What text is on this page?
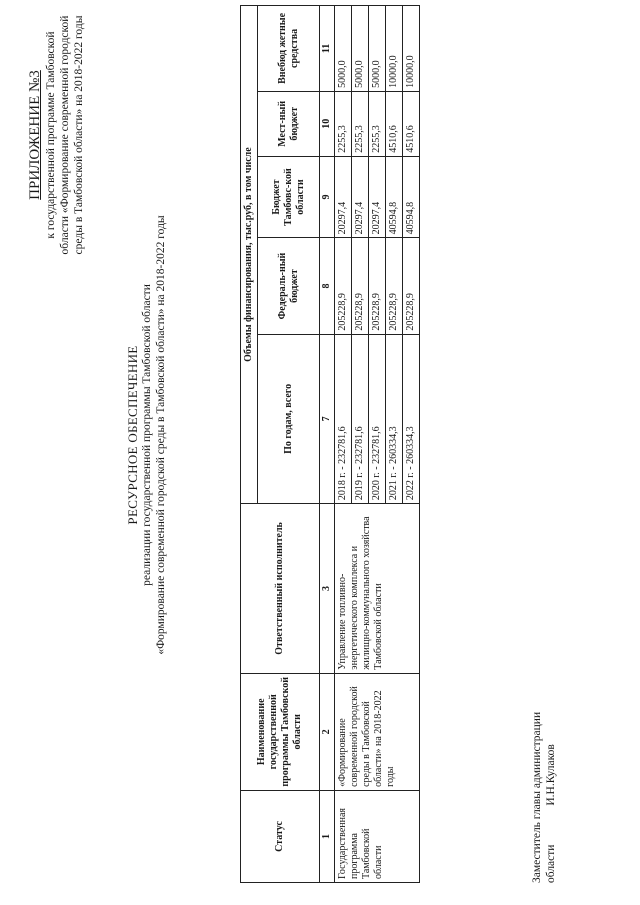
ПРИЛОЖЕНИЕ №3 к государственной программе Тамбовской области «Формирование современной городской среды в Тамбовской области» на 2018-2022 годы
РЕСУРСНОЕ ОБЕСПЕЧЕНИЕ реализации государственной программы Тамбовской области «Формирование современной городской среды в Тамбовской области» на 2018-2022 годы
Статус	Наименование государственной программы Тамбовской области	Ответственный исполнитель	Объемы финансирования, тыс.руб, в том числе				
			По годам, всего	Федераль-ный бюджет	Бюджет Тамбовс-кой области	Мест-ный бюджет	Внебюд жетные средства
1	2	3	7	8	9	10	11
Государственная программа Тамбовской области	«Формирование современной городской среды в Тамбовской области» на 2018-2022 годы	Управление топливно-энергетического комплекса и жилищно-коммунального хозяйства Тамбовской области	2018 г. - 232781,6	205228,9	20297,4	2255,3	5000,0
			2019 г. - 232781,6	205228,9	20297,4	2255,3	5000,0
			2020 г. - 232781,6	205228,9	20297,4	2255,3	5000,0
			2021 г. - 260334,3	205228,9	40594,8	4510,6	10000,0
			2022 г. - 260334,3	205228,9	40594,8	4510,6	10000,0
Заместитель главы администрации области И.Н.Кулаков
